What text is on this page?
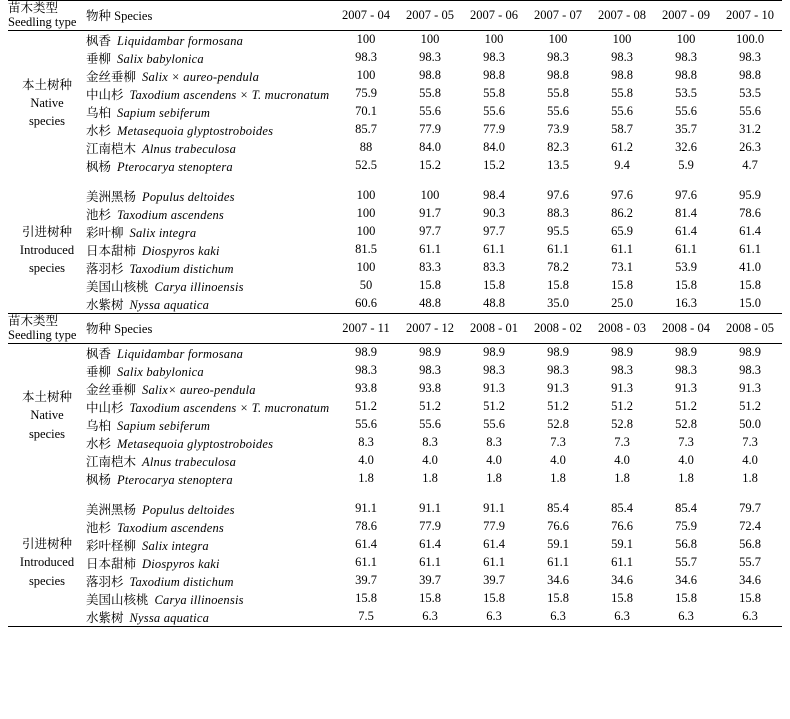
苗木类型
Seedling type	物种 Species	2007 - 04	2007 - 05	2007 - 06	2007 - 07	2007 - 08	2007 - 09	2007 - 10

本土树种
Native
species	枫香 Liquidambar formosana	100	100	100	100	100	100	100.0
	垂柳 Salix babylonica	98.3	98.3	98.3	98.3	98.3	98.3	98.3
	金丝垂柳 Salix × aureo-pendula	100	98.8	98.8	98.8	98.8	98.8	98.8
	中山杉 Taxodium ascendens × T. mucronatum	75.9	55.8	55.8	55.8	55.8	53.5	53.5
	乌桕 Sapium sebiferum	70.1	55.6	55.6	55.6	55.6	55.6	55.6
	水杉 Metasequoia glyptostroboides	85.7	77.9	77.9	73.9	58.7	35.7	31.2
	江南桤木 Alnus trabeculosa	88	84.0	84.0	82.3	61.2	32.6	26.3
	枫杨 Pterocarya stenoptera	52.5	15.2	15.2	13.5	9.4	5.9	4.7

引进树种
Introduced
species	美洲黑杨 Populus deltoides	100	100	98.4	97.6	97.6	97.6	95.9
	池杉 Taxodium ascendens	100	91.7	90.3	88.3	86.2	81.4	78.6
	彩叶柳 Salix integra	100	97.7	97.7	95.5	65.9	61.4	61.4
	日本甜柿 Diospyros kaki	81.5	61.1	61.1	61.1	61.1	61.1	61.1
	落羽杉 Taxodium distichum	100	83.3	83.3	78.2	73.1	53.9	41.0
	美国山核桃 Carya illinoensis	50	15.8	15.8	15.8	15.8	15.8	15.8
	水紫树 Nyssa aquatica	60.6	48.8	48.8	35.0	25.0	16.3	15.0

苗木类型
Seedling type	物种 Species	2007 - 11	2007 - 12	2008 - 01	2008 - 02	2008 - 03	2008 - 04	2008 - 05

本土树种
Native
species	枫香 Liquidambar formosana	98.9	98.9	98.9	98.9	98.9	98.9	98.9
	垂柳 Salix babylonica	98.3	98.3	98.3	98.3	98.3	98.3	98.3
	金丝垂柳 Salix× aureo-pendula	93.8	93.8	91.3	91.3	91.3	91.3	91.3
	中山杉 Taxodium ascendens × T. mucronatum	51.2	51.2	51.2	51.2	51.2	51.2	51.2
	乌桕 Sapium sebiferum	55.6	55.6	55.6	52.8	52.8	52.8	50.0
	水杉 Metasequoia glyptostroboides	8.3	8.3	8.3	7.3	7.3	7.3	7.3
	江南桤木 Alnus trabeculosa	4.0	4.0	4.0	4.0	4.0	4.0	4.0
	枫杨 Pterocarya stenoptera	1.8	1.8	1.8	1.8	1.8	1.8	1.8

引进树种
Introduced
species	美洲黑杨 Populus deltoides	91.1	91.1	91.1	85.4	85.4	85.4	79.7
	池杉 Taxodium ascendens	78.6	77.9	77.9	76.6	76.6	75.9	72.4
	彩叶柽柳 Salix integra	61.4	61.4	61.4	59.1	59.1	56.8	56.8
	日本甜柿 Diospyros kaki	61.1	61.1	61.1	61.1	61.1	55.7	55.7
	落羽杉 Taxodium distichum	39.7	39.7	39.7	34.6	34.6	34.6	34.6
	美国山核桃 Carya illinoensis	15.8	15.8	15.8	15.8	15.8	15.8	15.8
	水紫树 Nyssa aquatica	7.5	6.3	6.3	6.3	6.3	6.3	6.3
